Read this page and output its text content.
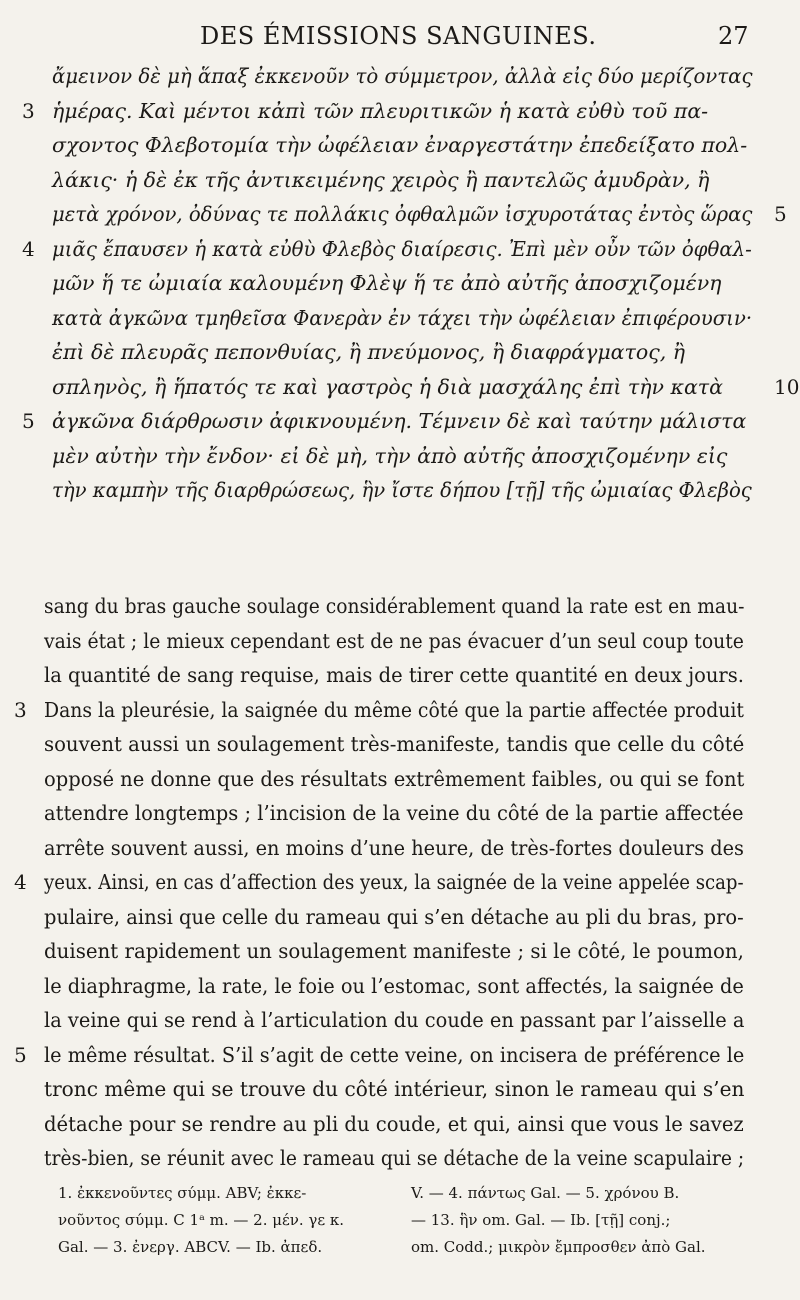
DES ÉMISSIONS SANGUINES.	27
ἄμεινον δὲ μὴ ἅπαξ ἐκκενοῦν τὸ σύμμετρον, ἀλλὰ εἰς δύο μερίζοντας
3 ἡμέρας. Καὶ μέντοι κἀπὶ τῶν πλευριτικῶν ἡ κατὰ εὐθὺ τοῦ πα-
σχοντος Φλεβοτομία τὴν ὠφέλειαν ἐναργεστάτην ἐπεδείξατο πολ-
λάκις· ἡ δὲ ἐκ τῆς ἀντικειμένης χειρὸς ἢ παντελῶς ἀμυδρὰν, ἢ
μετὰ χρόνον, ὀδύνας τε πολλάκις ὀφθαλμῶν ἰσχυροτάτας ἐντὸς ὥρας 5
4 μιᾶς ἔπαυσεν ἡ κατὰ εὐθὺ Φλεβὸς διαίρεσις. Ἐπὶ μὲν οὖν τῶν ὀφθαλ-
μῶν ἥ τε ὠμιαία καλουμένη Φλὲψ ἥ τε ἀπὸ αὐτῆς ἀποσχιζομένη
κατὰ ἀγκῶνα τμηθεῖσα Φανερὰν ἐν τάχει τὴν ὠφέλειαν ἐπιφέρουσιν·
ἐπὶ δὲ πλευρᾶς πεπονθυίας, ἢ πνεύμονος, ἢ διαφράγματος, ἢ
σπληνὸς, ἢ ἥπατός τε καὶ γαστρὸς ἡ διὰ μασχάλης ἐπὶ τὴν κατὰ	10
5 ἀγκῶνα διάρθρωσιν ἀφικνουμένη. Τέμνειν δὲ καὶ ταύτην μάλιστα
μὲν αὐτὴν τὴν ἔνδον· εἰ δὲ μὴ, τὴν ἀπὸ αὐτῆς ἀποσχιζομένην εἰς
τὴν καμπὴν τῆς διαρθρώσεως, ἣν ἴστε δήπου [τῇ] τῆς ὠμιαίας Φλεβὸς
sang du bras gauche soulage considérablement quand la rate est en mau-
vais état ; le mieux cependant est de ne pas évacuer d’un seul coup toute
la quantité de sang requise, mais de tirer cette quantité en deux jours.
3 Dans la pleurésie, la saignée du même côté que la partie affectée produit
souvent aussi un soulagement très-manifeste, tandis que celle du côté
opposé ne donne que des résultats extrêmement faibles, ou qui se font
attendre longtemps ; l’incision de la veine du côté de la partie affectée
arrête souvent aussi, en moins d’une heure, de très-fortes douleurs des
4 yeux. Ainsi, en cas d’affection des yeux, la saignée de la veine appelée scap-
pulaire, ainsi que celle du rameau qui s’en détache au pli du bras, pro-
duisent rapidement un soulagement manifeste ; si le côté, le poumon,
le diaphragme, la rate, le foie ou l’estomac, sont affectés, la saignée de
la veine qui se rend à l’articulation du coude en passant par l’aisselle a
5 le même résultat. S’il s’agit de cette veine, on incisera de préférence le
tronc même qui se trouve du côté intérieur, sinon le rameau qui s’en
détache pour se rendre au pli du coude, et qui, ainsi que vous le savez
très-bien, se réunit avec le rameau qui se détache de la veine scapulaire ;
1. ἐκκενοῦντες σύμμ. ABV; ἐκκε-
νοῦντος σύμμ. C 1ᵃ m. — 2. μέν. γε κ.
Gal. — 3. ἐνεργ. ABCV. — Ib. ἀπεδ.
V. — 4. πάντως Gal. — 5. χρόνου B.
— 13. ἣν om. Gal. — Ib. [τῇ] conj.;
om. Codd.; μικρὸν ἔμπροσθεν ἀπὸ Gal.
